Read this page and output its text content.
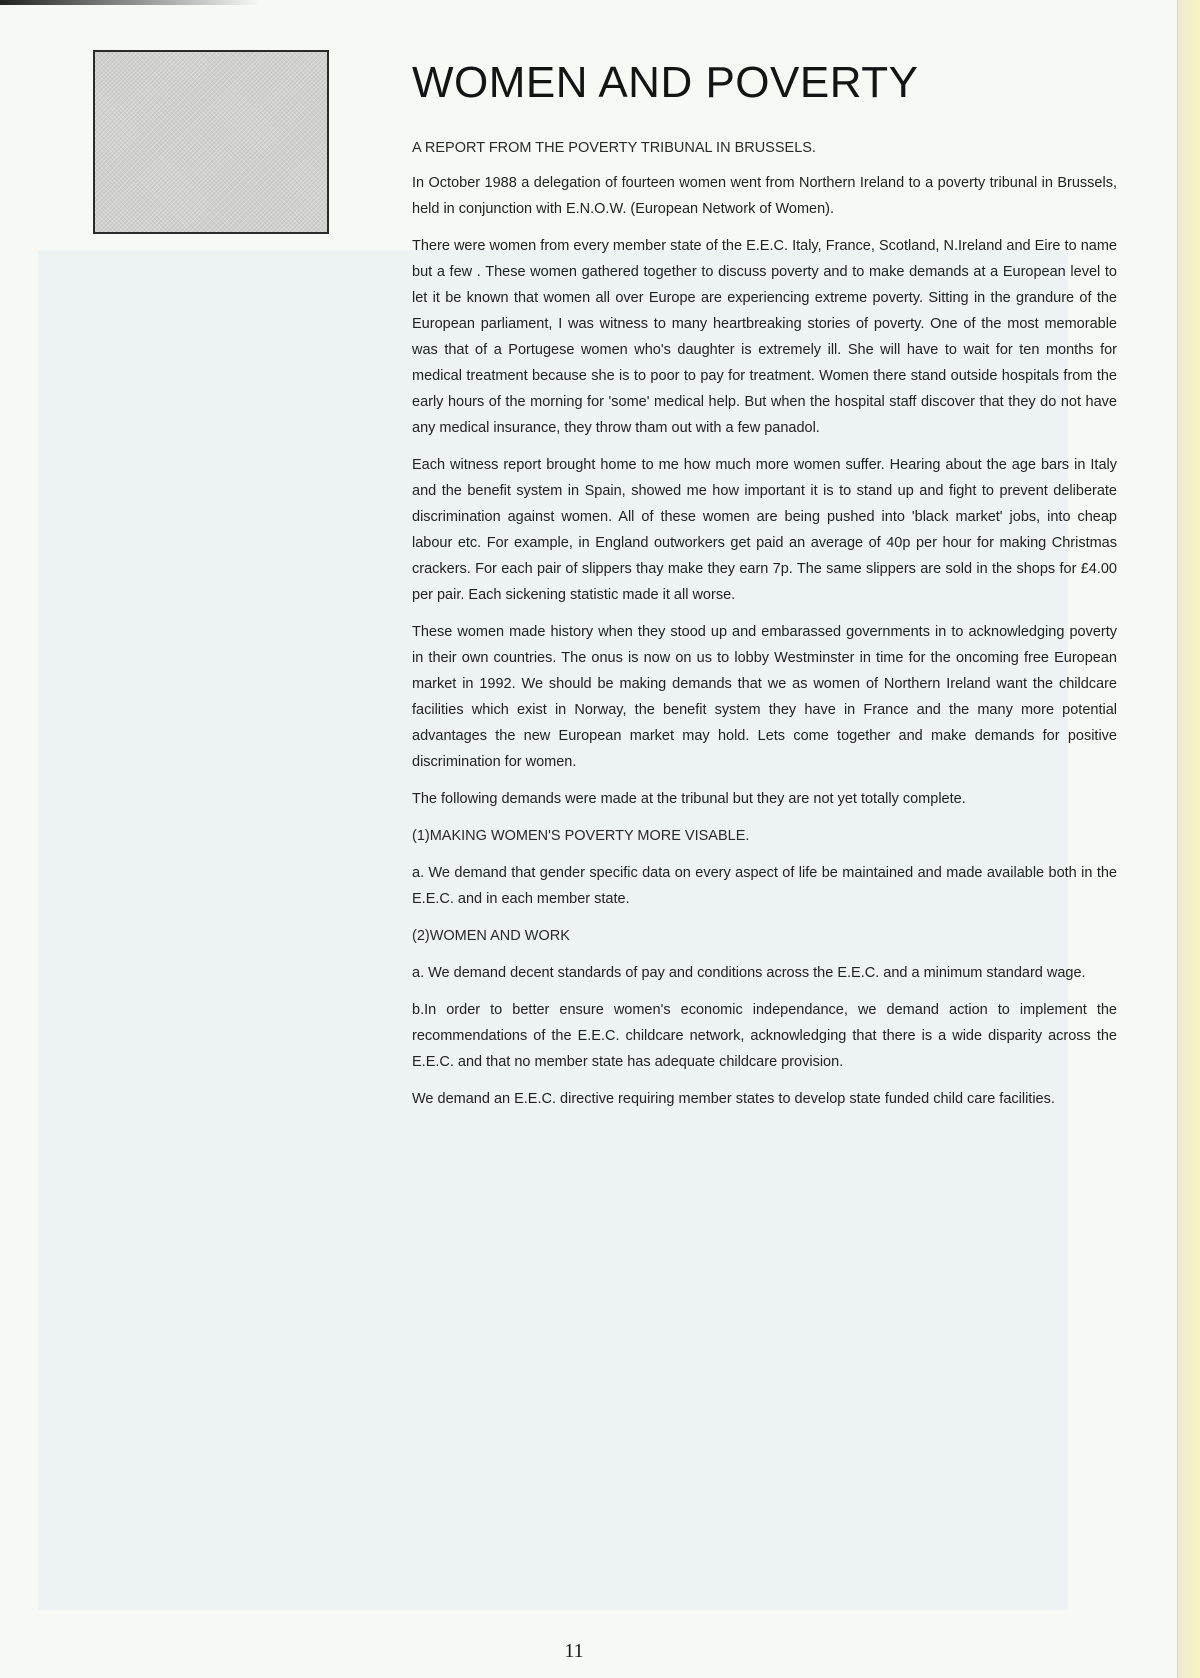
WOMEN AND POVERTY

A REPORT FROM THE POVERTY TRIBUNAL IN BRUSSELS.

In October 1988 a delegation of fourteen women went from Northern Ireland to a poverty tribunal in Brussels, held in conjunction with E.N.O.W. (European Network of Women).

There were women from every member state of the E.E.C. Italy, France, Scotland, N.Ireland and Eire to name but a few . These women gathered together to discuss poverty and to make demands at a European level to let it be known that women all over Europe are experiencing extreme poverty. Sitting in the grandure of the European parliament, I was witness to many heartbreaking stories of poverty. One of the most memorable was that of a Portugese women who's daughter is extremely ill. She will have to wait for ten months for medical treatment because she is to poor to pay for treatment. Women there stand outside hospitals from the early hours of the morning for 'some' medical help. But when the hospital staff discover that they do not have any medical insurance, they throw tham out with a few panadol.

Each witness report brought home to me how much more women suffer. Hearing about the age bars in Italy and the benefit system in Spain, showed me how important it is to stand up and fight to prevent deliberate discrimination against women. All of these women are being pushed into 'black market' jobs, into cheap labour etc. For example, in England outworkers get paid an average of 40p per hour for making Christmas crackers. For each pair of slippers thay make they earn 7p. The same slippers are sold in the shops for £4.00 per pair. Each sickening statistic made it all worse.

These women made history when they stood up and embarassed governments in to acknowledging poverty in their own countries. The onus is now on us to lobby Westminster in time for the oncoming free European market in 1992. We should be making demands that we as women of Northern Ireland want the childcare facilities which exist in Norway, the benefit system they have in France and the many more potential advantages the new European market may hold. Lets come together and make demands for positive discrimination for women.

The following demands were made at the tribunal but they are not yet totally complete.

(1)MAKING WOMEN'S POVERTY MORE VISABLE.

a. We demand that gender specific data on every aspect of life be maintained and made available both in the E.E.C. and in each member state.

(2)WOMEN AND WORK

a. We demand decent standards of pay and conditions across the E.E.C. and a minimum standard wage.

b.In order to better ensure women's economic independance, we demand action to implement the recommendations of the E.E.C. childcare network, acknowledging that there is a wide disparity across the E.E.C. and that no member state has adequate childcare provision.

We demand an E.E.C. directive requiring member states to develop state funded child care facilities.

11
